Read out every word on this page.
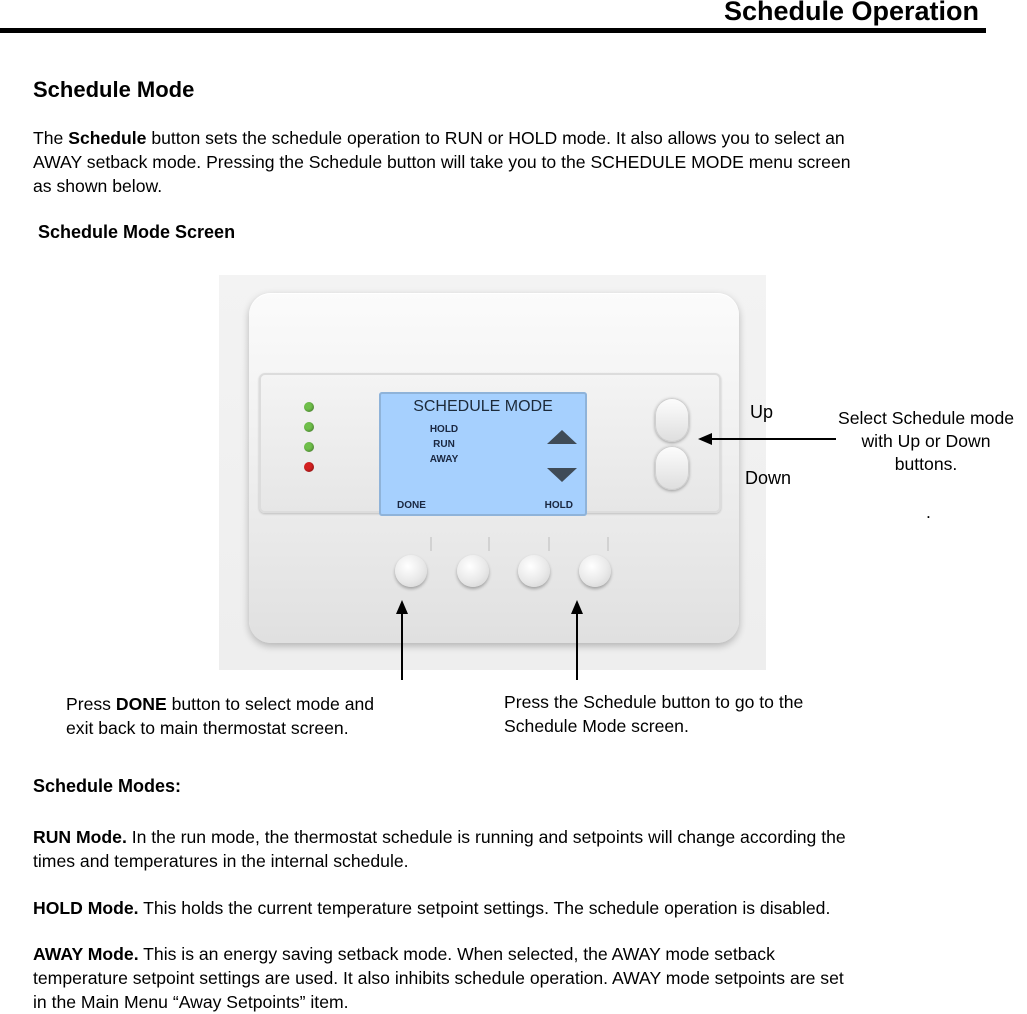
Schedule Operation
Schedule Mode
The Schedule button sets the schedule operation to RUN or HOLD mode. It also allows you to select an
AWAY setback mode. Pressing the Schedule button will take you to the SCHEDULE MODE menu screen
as shown below.
Schedule Mode Screen
SCHEDULE MODE
HOLD
RUN
AWAY
DONE	HOLD
Up
Down
Select Schedule mode
with Up or Down
buttons.
.
Press DONE button to select mode and
exit back to main thermostat screen.
Press the Schedule button to go to the
Schedule Mode screen.
Schedule Modes:
RUN Mode. In the run mode, the thermostat schedule is running and setpoints will change according the
times and temperatures in the internal schedule.
HOLD Mode. This holds the current temperature setpoint settings. The schedule operation is disabled.
AWAY Mode. This is an energy saving setback mode. When selected, the AWAY mode setback
temperature setpoint settings are used. It also inhibits schedule operation. AWAY mode setpoints are set
in the Main Menu “Away Setpoints” item.
